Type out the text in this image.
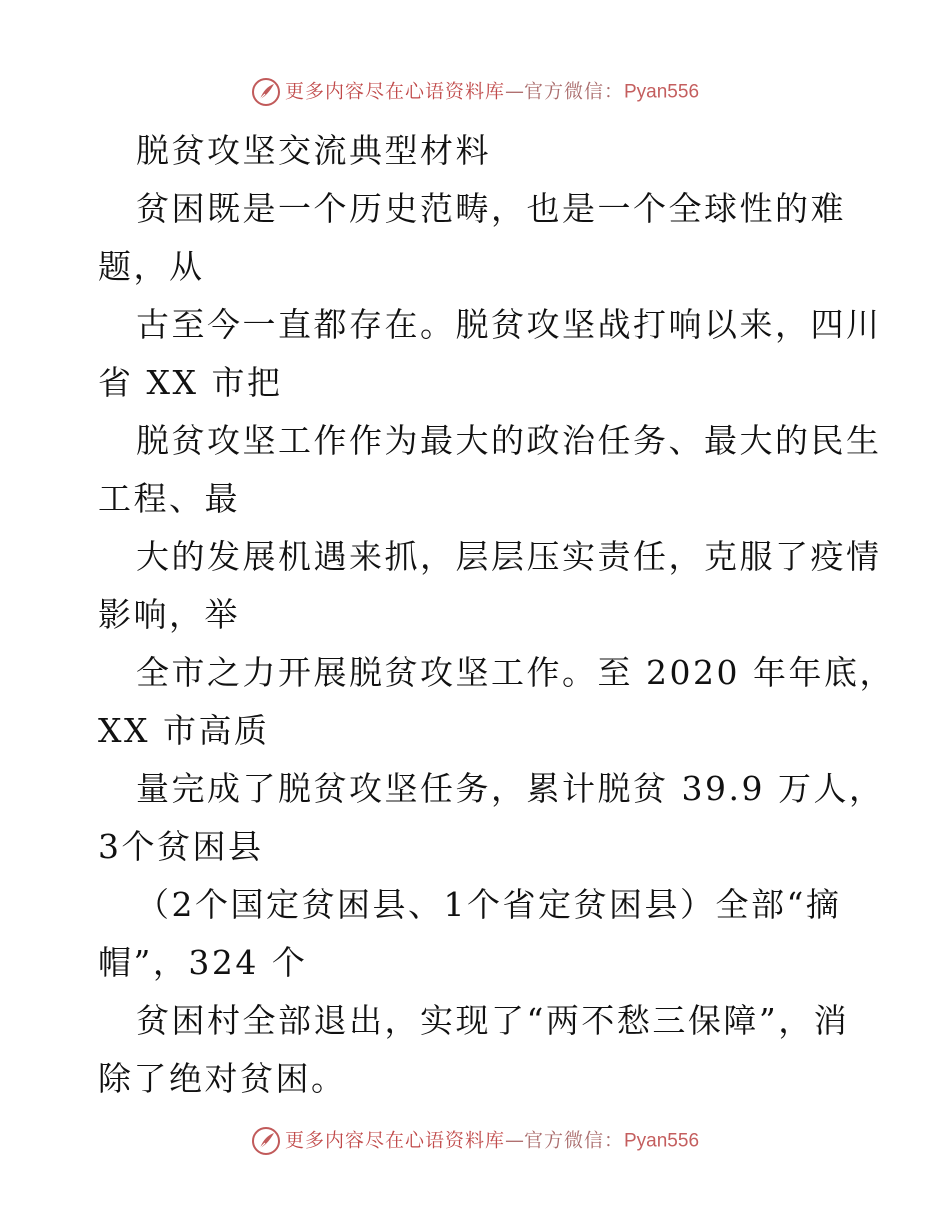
更多内容尽在心语资料库—官方微信：Pyan556
脱贫攻坚交流典型材料
贫困既是一个历史范畴，也是一个全球性的难
题，从
古至今一直都存在。脱贫攻坚战打响以来，四川
省 XX 市把
脱贫攻坚工作作为最大的政治任务、最大的民生
工程、最
大的发展机遇来抓，层层压实责任，克服了疫情
影响，举
全市之力开展脱贫攻坚工作。至 2020 年年底，
XX 市高质
量完成了脱贫攻坚任务，累计脱贫 39.9 万人，
3个贫困县
（2个国定贫困县、1个省定贫困县）全部“摘
帽”，324 个
贫困村全部退出，实现了“两不愁三保障”，消
除了绝对贫困。
更多内容尽在心语资料库—官方微信：Pyan556
